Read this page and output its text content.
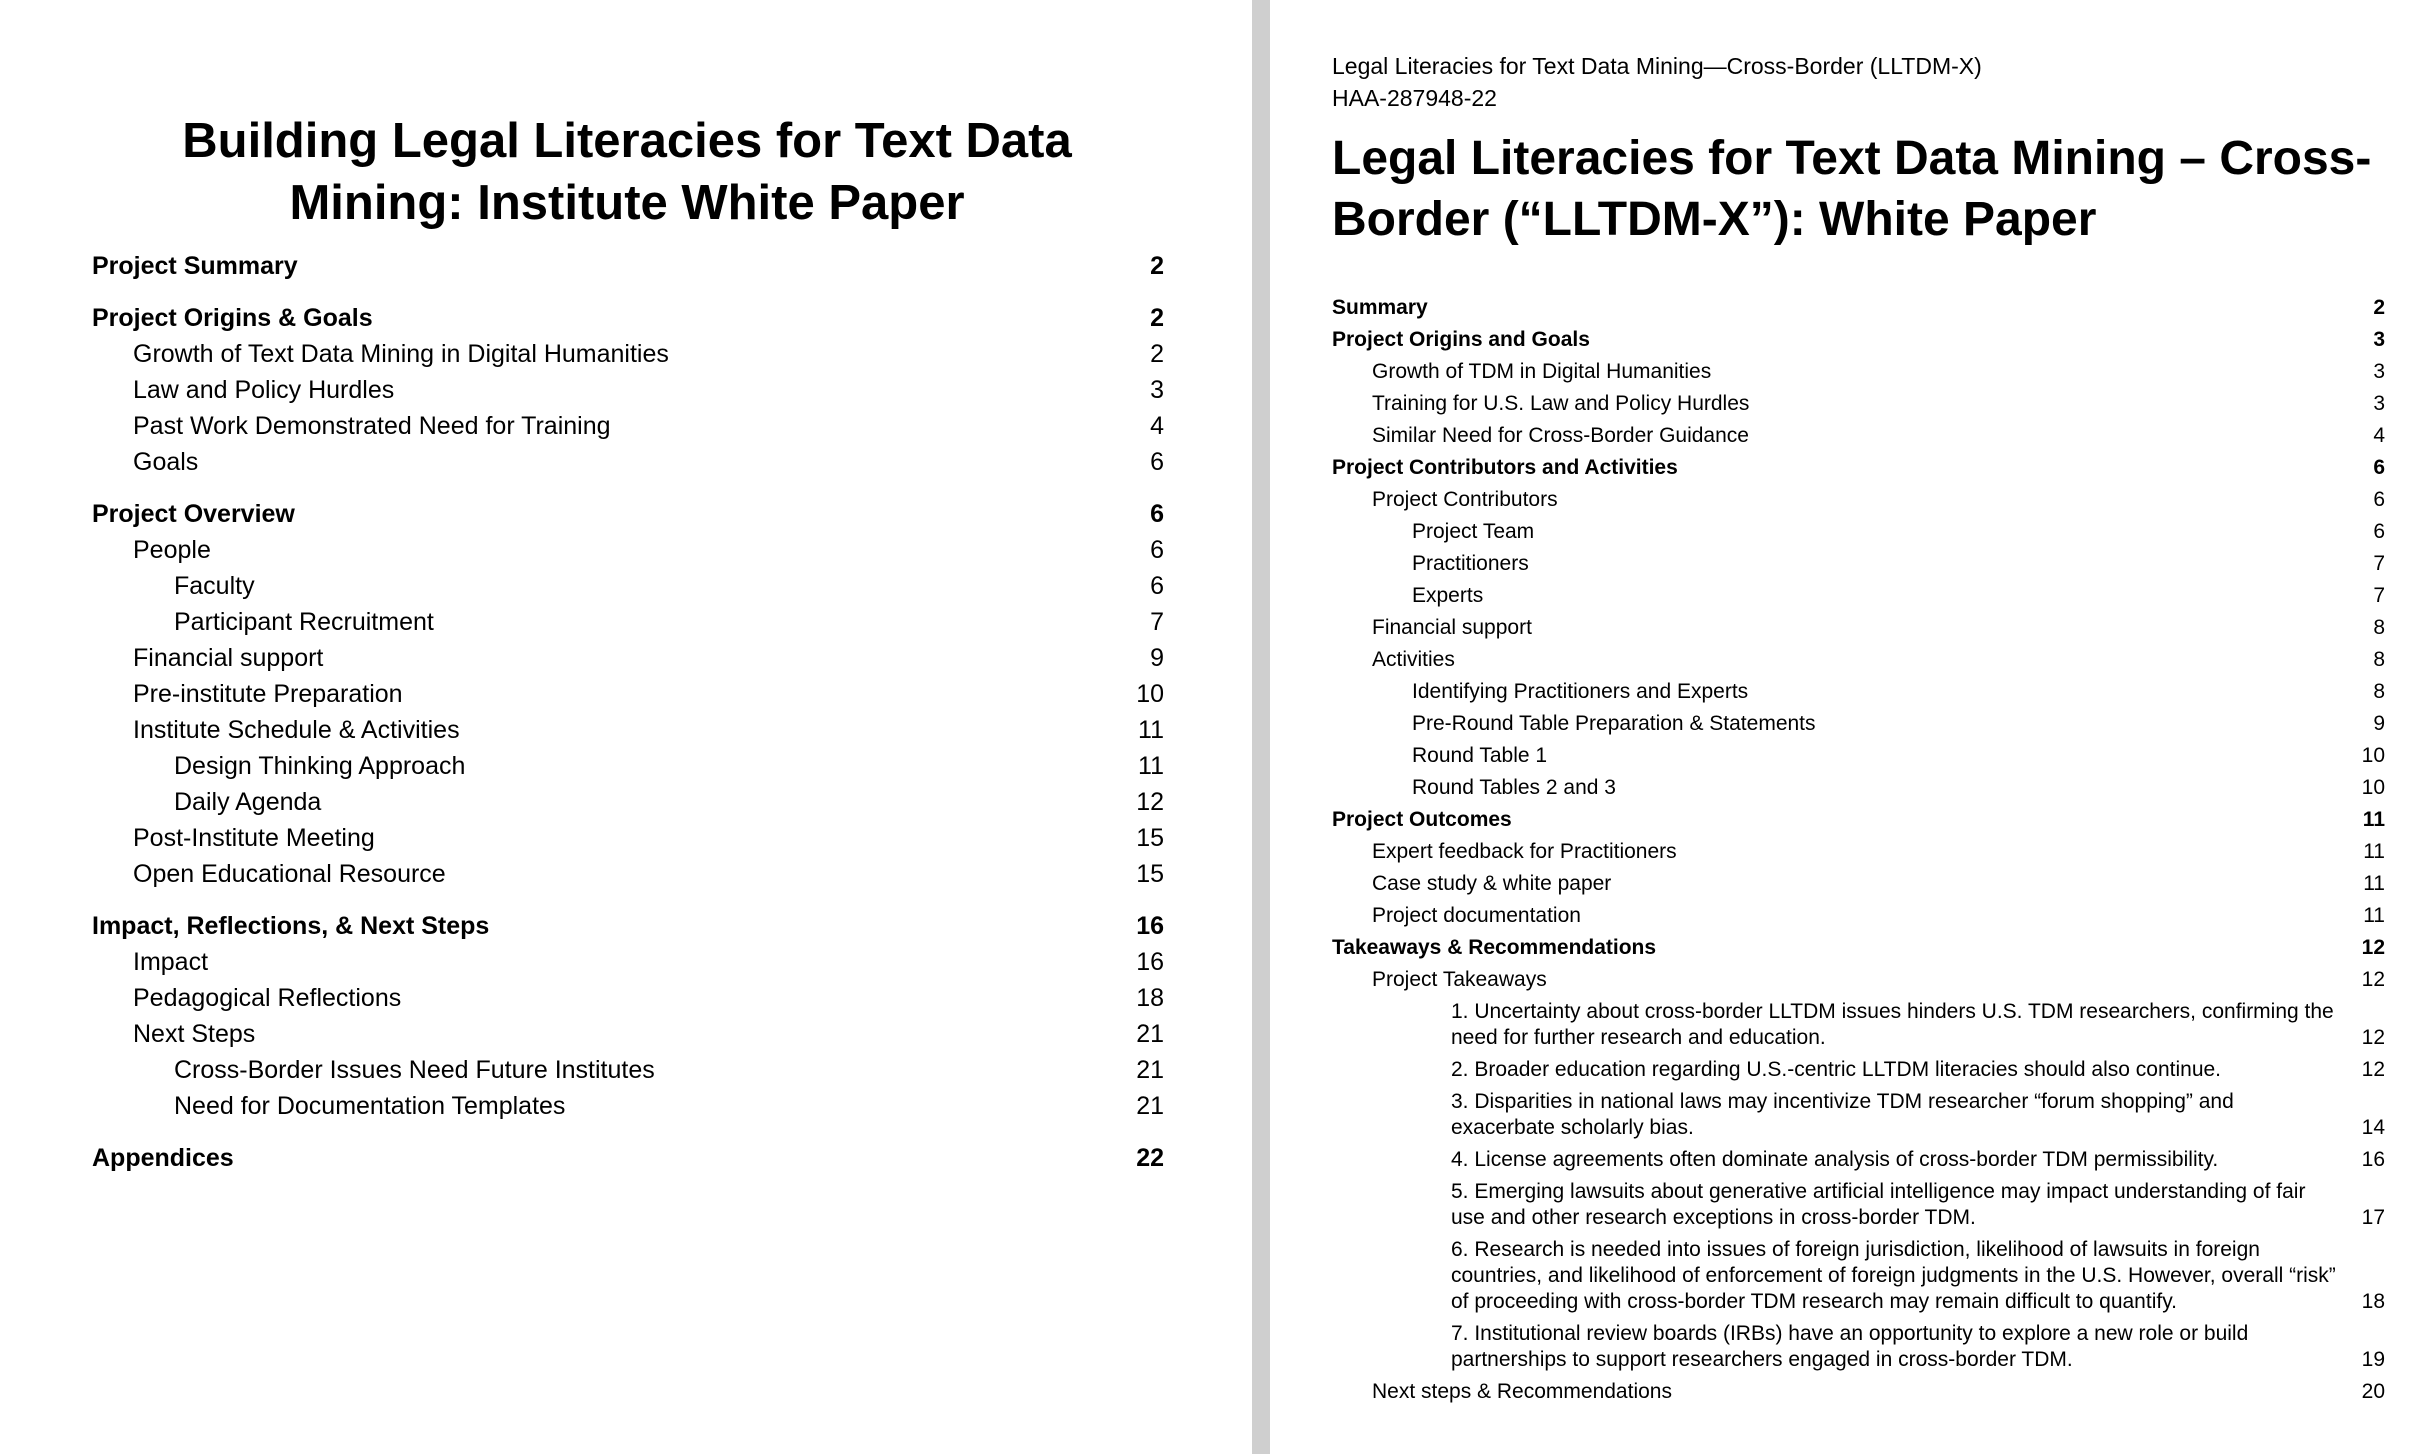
Building Legal Literacies for Text Data Mining: Institute White Paper
Project Summary	2
Project Origins & Goals	2
Growth of Text Data Mining in Digital Humanities	2
Law and Policy Hurdles	3
Past Work Demonstrated Need for Training	4
Goals	6
Project Overview	6
People	6
Faculty	6
Participant Recruitment	7
Financial support	9
Pre-institute Preparation	10
Institute Schedule & Activities	11
Design Thinking Approach	11
Daily Agenda	12
Post-Institute Meeting	15
Open Educational Resource	15
Impact, Reflections, & Next Steps	16
Impact	16
Pedagogical Reflections	18
Next Steps	21
Cross-Border Issues Need Future Institutes	21
Need for Documentation Templates	21
Appendices	22
Legal Literacies for Text Data Mining—Cross-Border (LLTDM-X)
HAA-287948-22
Legal Literacies for Text Data Mining – Cross-Border (“LLTDM-X”): White Paper
Summary	2
Project Origins and Goals	3
Growth of TDM in Digital Humanities	3
Training for U.S. Law and Policy Hurdles	3
Similar Need for Cross-Border Guidance	4
Project Contributors and Activities	6
Project Contributors	6
Project Team	6
Practitioners	7
Experts	7
Financial support	8
Activities	8
Identifying Practitioners and Experts	8
Pre-Round Table Preparation & Statements	9
Round Table 1	10
Round Tables 2 and 3	10
Project Outcomes	11
Expert feedback for Practitioners	11
Case study & white paper	11
Project documentation	11
Takeaways & Recommendations	12
Project Takeaways	12
1. Uncertainty about cross-border LLTDM issues hinders U.S. TDM researchers, confirming the need for further research and education.	12
2. Broader education regarding U.S.-centric LLTDM literacies should also continue.	12
3. Disparities in national laws may incentivize TDM researcher “forum shopping” and exacerbate scholarly bias.	14
4. License agreements often dominate analysis of cross-border TDM permissibility.	16
5. Emerging lawsuits about generative artificial intelligence may impact understanding of fair use and other research exceptions in cross-border TDM.	17
6. Research is needed into issues of foreign jurisdiction, likelihood of lawsuits in foreign countries, and likelihood of enforcement of foreign judgments in the U.S. However, overall “risk” of proceeding with cross-border TDM research may remain difficult to quantify.	18
7. Institutional review boards (IRBs) have an opportunity to explore a new role or build partnerships to support researchers engaged in cross-border TDM.	19
Next steps & Recommendations	20
